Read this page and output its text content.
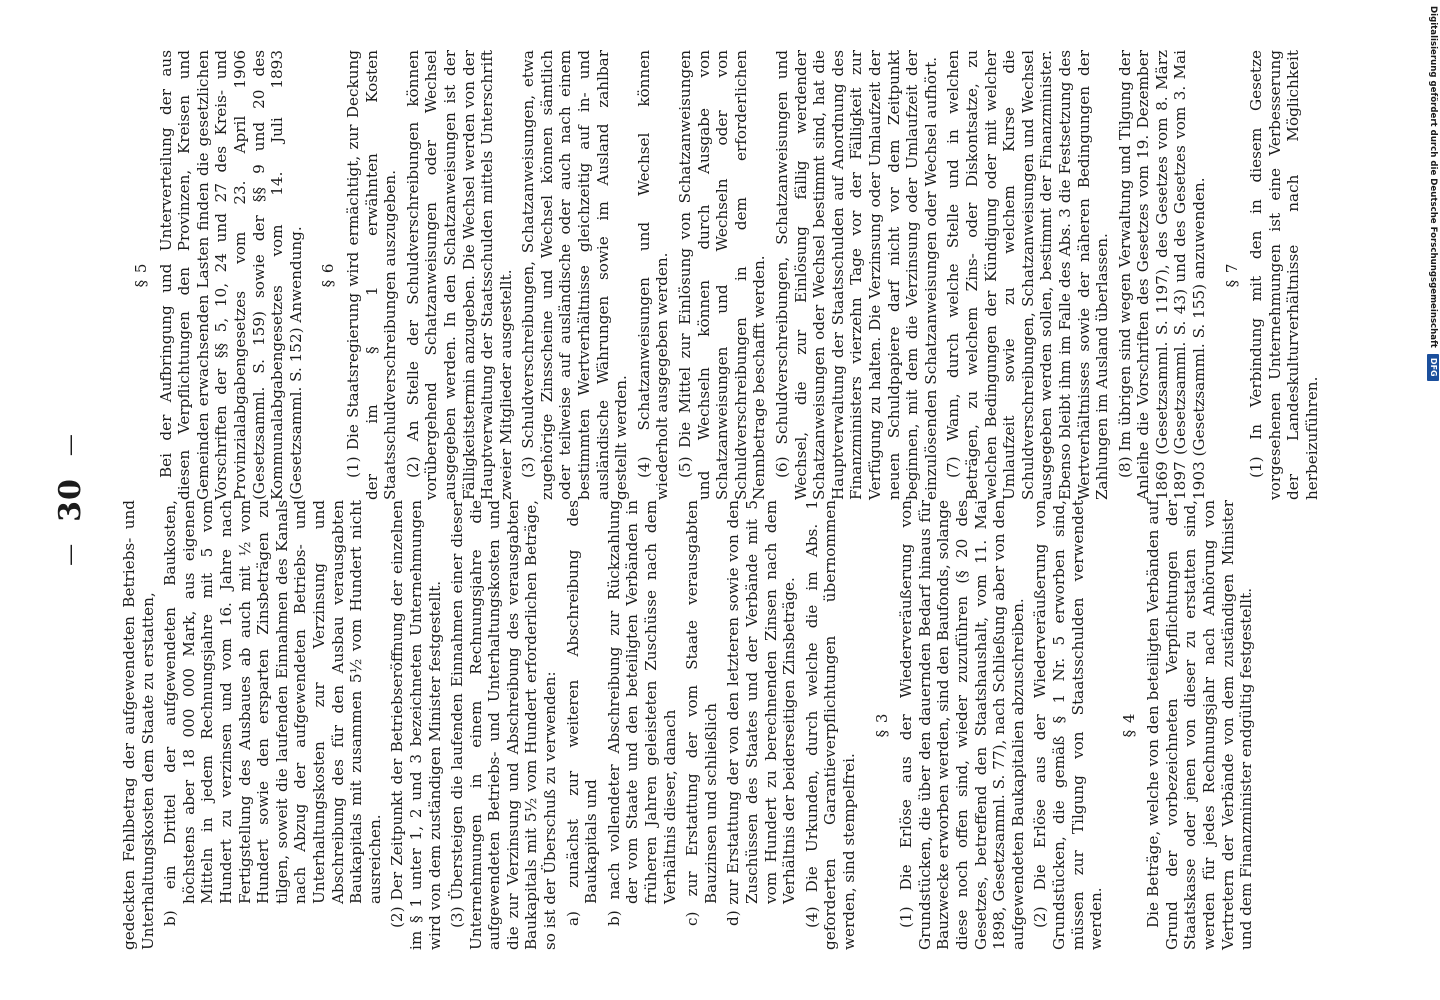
—
30
—
gedeckten Fehlbetrag der aufgewendeten Betriebs- und Unterhaltungskosten dem Staate zu erstatten, b) ein Drittel der aufgewendeten Baukosten, höchstens aber 18 000 000 Mark, aus eigenen Mitteln in jedem Rechnungsjahre mit 5 vom Hundert zu verzinsen und vom 16. Jahre nach Fertigstellung des Ausbaues ab auch mit ½ vom Hundert sowie den ersparten Zinsbeträgen zu tilgen, soweit die laufenden Einnahmen des Kanals nach Abzug der aufgewendeten Betriebs- und Unterhaltungskosten zur Verzinsung und Abschreibung des für den Ausbau verausgabten Baukapitals mit zusammen 5½ vom Hundert nicht ausreichen. (2) Der Zeitpunkt der Betriebseröffnung der einzelnen im § 1 unter 1, 2 und 3 bezeichneten Unternehmungen wird von dem zuständigen Minister festgestellt. (3) Übersteigen die laufenden Einnahmen einer dieser Unternehmungen in einem Rechnungsjahre die aufgewendeten Betriebs- und Unterhaltungskosten und die zur Verzinsung und Abschreibung des verausgabten Baukapitals mit 5½ vom Hundert erforderlichen Beträge, so ist der Überschuß zu verwenden: a) zunächst zur weiteren Abschreibung des Baukapitals und b) nach vollendeter Abschreibung zur Rückzahlung der vom Staate und den beteiligten Verbänden in früheren Jahren geleisteten Zuschüsse nach dem Verhältnis dieser, danach c) zur Erstattung der vom Staate verausgabten Bauzinsen und schließlich d) zur Erstattung der von den letzteren sowie von den Zuschüssen des Staates und der Verbände mit 5 vom Hundert zu berechnenden Zinsen nach dem Verhältnis der beiderseitigen Zinsbeträge. (4) Die Urkunden, durch welche die im Abs. 1 geforderten Garantieverpflichtungen übernommen werden, sind stempelfrei.
§ 3 (1) Die Erlöse aus der Wiederveräußerung von Grundstücken, die über den dauernden Bedarf hinaus für Bauzwecke erworben werden, sind den Baufonds, solange diese noch offen sind, wieder zuzuführen (§ 20 des Gesetzes, betreffend den Staatshaushalt, vom 11. Mai 1898, Gesetzsamml. S. 77), nach Schließung aber von den aufgewendeten Baukapitalien abzuschreiben. (2) Die Erlöse aus der Wiederveräußerung von Grundstücken, die gemäß § 1 Nr. 5 erworben sind, müssen zur Tilgung von Staatsschulden verwendet werden.
§ 4 Die Beträge, welche von den beteiligten Verbänden auf Grund der vorbezeichneten Verpflichtungen der Staatskasse oder jenen von dieser zu erstatten sind, werden für jedes Rechnungsjahr nach Anhörung von Vertretern der Verbände von dem zuständigen Minister und dem Finanzminister endgültig festgestellt.
§ 5 Bei der Aufbringung und Unterverteilung der aus diesen Verpflichtungen den Provinzen, Kreisen und Gemeinden erwachsenden Lasten finden die gesetzlichen Vorschriften der §§ 5, 10, 24 und 27 des Kreis- und Provinzialabgabengesetzes vom 23. April 1906 (Gesetzsamml. S. 159) sowie der §§ 9 und 20 des Kommunalabgabengesetzes vom 14. Juli 1893 (Gesetzsamml. S. 152) Anwendung. § 6 (1) Die Staatsregierung wird ermächtigt, zur Deckung der im § 1 erwähnten Kosten Staatsschuldverschreibungen auszugeben. (2) An Stelle der Schuldverschreibungen können vorübergehend Schatzanweisungen oder Wechsel ausgegeben werden. In den Schatzanweisungen ist der Fälligkeitstermin anzugeben. Die Wechsel werden von der Hauptverwaltung der Staatsschulden mittels Unterschrift zweier Mitglieder ausgestellt. (3) Schuldverschreibungen, Schatzanweisungen, etwa zugehörige Zinsscheine und Wechsel können sämtlich oder teilweise auf ausländische oder auch nach einem bestimmten Wertverhältnisse gleichzeitig auf in- und ausländische Währungen sowie im Ausland zahlbar gestellt werden. (4) Schatzanweisungen und Wechsel können wiederholt ausgegeben werden. (5) Die Mittel zur Einlösung von Schatzanweisungen und Wechseln können durch Ausgabe von Schatzanweisungen und Wechseln oder von Schuldverschreibungen in dem erforderlichen Nennbetrage beschafft werden. (6) Schuldverschreibungen, Schatzanweisungen und Wechsel, die zur Einlösung fällig werdender Schatzanweisungen oder Wechsel bestimmt sind, hat die Hauptverwaltung der Staatsschulden auf Anordnung des Finanzministers vierzehn Tage vor der Fälligkeit zur Verfügung zu halten. Die Verzinsung oder Umlaufzeit der neuen Schuldpapiere darf nicht vor dem Zeitpunkt beginnen, mit dem die Verzinsung oder Umlaufzeit der einzulösenden Schatzanweisungen oder Wechsel aufhört. (7) Wann, durch welche Stelle und in welchen Beträgen, zu welchem Zins- oder Diskontsatze, zu welchen Bedingungen der Kündigung oder mit welcher Umlaufzeit sowie zu welchem Kurse die Schuldverschreibungen, Schatzanweisungen und Wechsel ausgegeben werden sollen, bestimmt der Finanzminister. Ebenso bleibt ihm im Falle des Abs. 3 die Festsetzung des Wertverhältnisses sowie der näheren Bedingungen der Zahlungen im Ausland überlassen. (8) Im übrigen sind wegen Verwaltung und Tilgung der Anleihe die Vorschriften des Gesetzes vom 19. Dezember 1869 (Gesetzsamml. S. 1197), des Gesetzes vom 8. März 1897 (Gesetzsamml. S. 43) und des Gesetzes vom 3. Mai 1903 (Gesetzsamml. S. 155) anzuwenden. § 7 (1) In Verbindung mit den in diesem Gesetze vorgesehenen Unternehmungen ist eine Verbesserung der Landeskulturverhältnisse nach Möglichkeit herbeizuführen.
Digitalisierung gefördert durch die Deutsche Forschungsgemeinschaft
DFG
